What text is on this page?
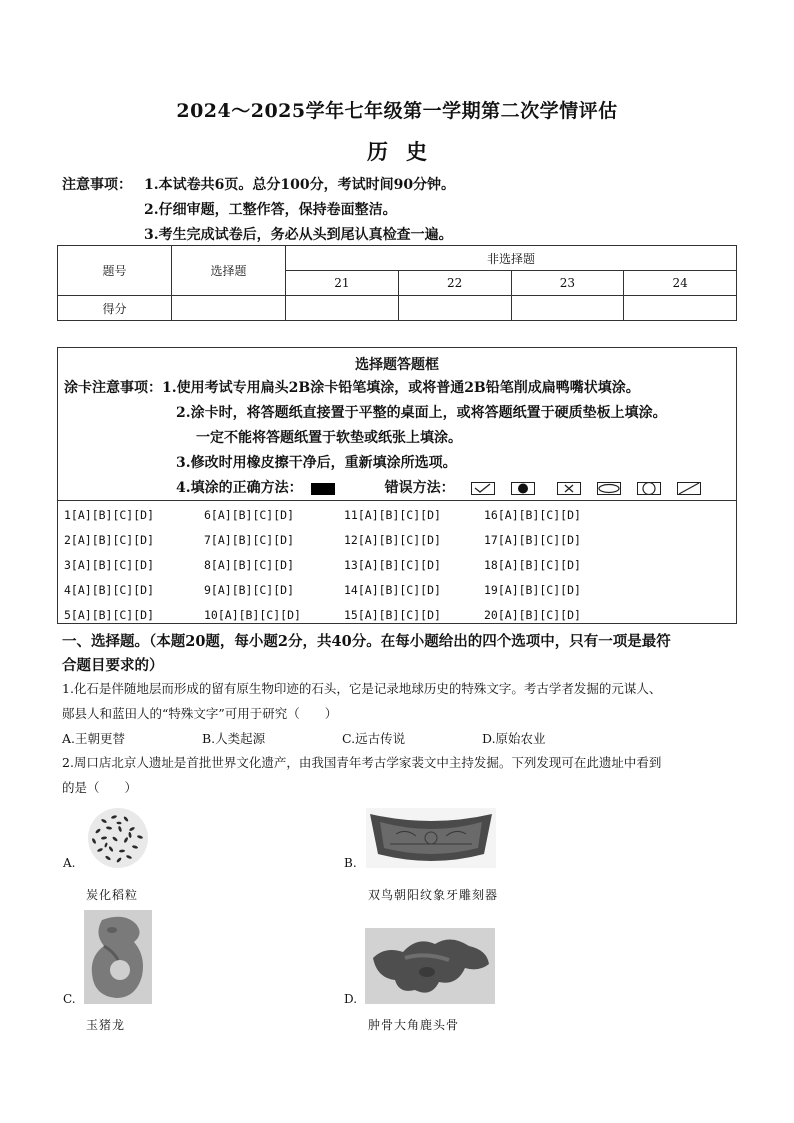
2024～2025学年七年级第一学期第二次学情评估
历史
注意事项： 1.本试卷共6页。总分100分，考试时间90分钟。
2.仔细审题，工整作答，保持卷面整洁。
3.考生完成试卷后，务必从头到尾认真检查一遍。
题号	选择题	非选择题			
		21	22	23	24
得分					
选择题答题框
涂卡注意事项：1.使用考试专用扁头2B涂卡铅笔填涂，或将普通2B铅笔削成扁鸭嘴状填涂。
2.涂卡时，将答题纸直接置于平整的桌面上，或将答题纸置于硬质垫板上填涂。
一定不能将答题纸置于软垫或纸张上填涂。
3.修改时用橡皮擦干净后，重新填涂所选项。
4.填涂的正确方法：	错误方法：
1[A][B][C][D]
2[A][B][C][D]
3[A][B][C][D]
4[A][B][C][D]
5[A][B][C][D]
6[A][B][C][D]
7[A][B][C][D]
8[A][B][C][D]
9[A][B][C][D]
10[A][B][C][D]
11[A][B][C][D]
12[A][B][C][D]
13[A][B][C][D]
14[A][B][C][D]
15[A][B][C][D]
16[A][B][C][D]
17[A][B][C][D]
18[A][B][C][D]
19[A][B][C][D]
20[A][B][C][D]
一、选择题。（本题20题，每小题2分，共40分。在每小题给出的四个选项中，只有一项是最符
合题目要求的）
1.化石是伴随地层而形成的留有原生物印迹的石头，它是记录地球历史的特殊文字。考古学者发掘的元谋人、
郧县人和蓝田人的“特殊文字”可用于研究（　　）
A.王朝更替	B.人类起源	C.远古传说	D.原始农业
2.周口店北京人遗址是首批世界文化遗产，由我国青年考古学家裴文中主持发掘。下列发现可在此遗址中看到
的是（　　）
A.
炭化稻粒
B.
双鸟朝阳纹象牙雕刻器
C.
玉猪龙
D.
肿骨大角鹿头骨
